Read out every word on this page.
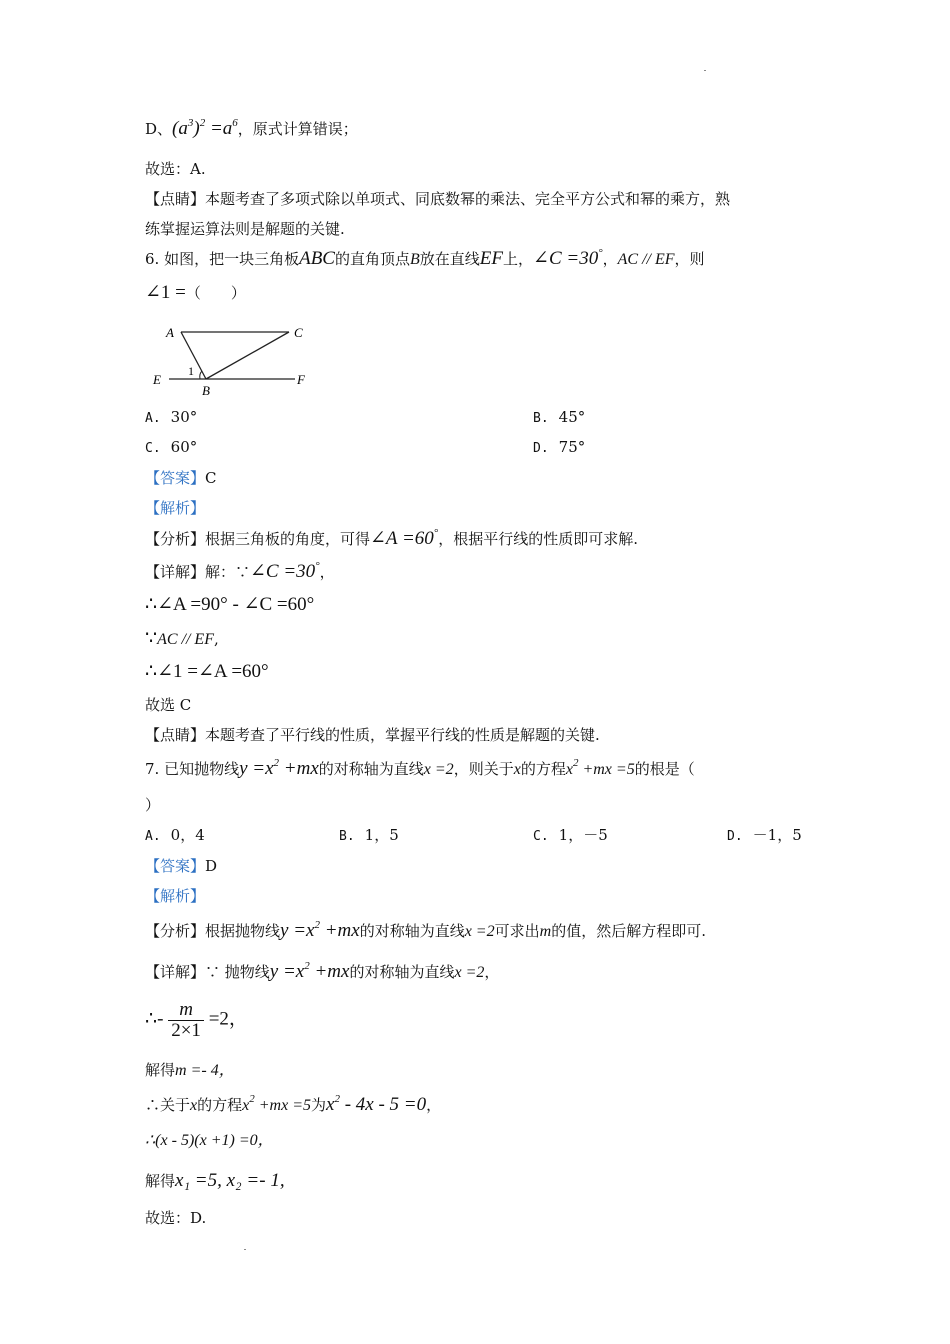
D、$(a^3)^2 =a^6$，原式计算错误；
故选：A.
【点睛】本题考查了多项式除以单项式、同底数幂的乘法、完全平方公式和幂的乘方，熟
练掌握运算法则是解题的关键.
6. 如图，把一块三角板ABC的直角顶点B放在直线EF上，∠C =30°，AC // EF，则
∠1 =（　　）
A	C
E	F
B
1
A. 30°	B. 45°
C. 60°	D. 75°
【答案】C
【解析】
【分析】根据三角板的角度，可得∠A =60°，根据平行线的性质即可求解.
【详解】解：∵∠C =30°，
∴∠A =90° - ∠C =60°
∵AC // EF,
∴∠1 =∠A =60°
故选 C
【点睛】本题考查了平行线的性质，掌握平行线的性质是解题的关键.
7. 已知抛物线$y =x^2 +mx$的对称轴为直线x =2，则关于x的方程$x^2 +mx =5$的根是（
）
A. 0，4	B. 1，5	C. 1，－5	D. －1，5
【答案】D
【解析】
【分析】根据抛物线$y =x^2 +mx$的对称轴为直线x =2可求出m的值，然后解方程即可.
【详解】∵ 抛物线$y =x^2 +mx$的对称轴为直线x =2，
∴- $\frac{m}{2\times 1} =2$，
解得m =- 4，
∴关于x的方程$x^2 +mx =5$为$x^2 - 4x - 5 =0$，
∴(x - 5)(x +1) =0，
解得x₁ =5, x₂ =- 1,
故选：D.
